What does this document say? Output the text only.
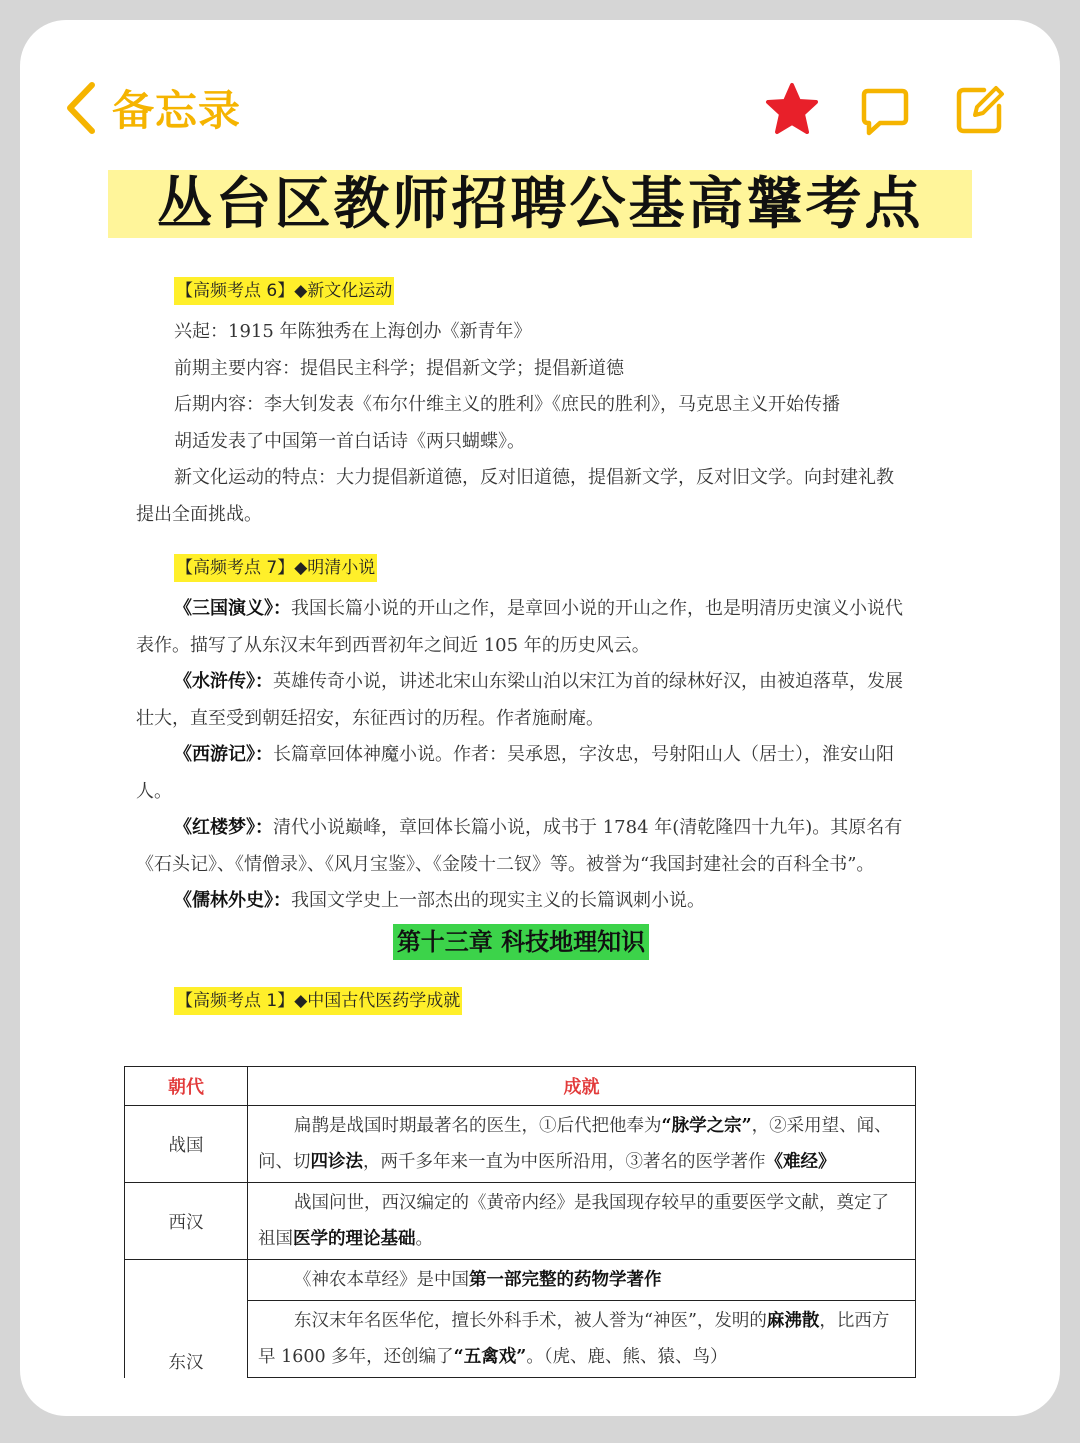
备忘录
丛台区教师招聘公基高鞶考点
【高频考点 6】◆新文化运动

兴起：1915 年陈独秀在上海创办《新青年》

前期主要内容：提倡民主科学；提倡新文学；提倡新道德

后期内容：李大钊发表《布尔什维主义的胜利》《庶民的胜利》，马克思主义开始传播

胡适发表了中国第一首白话诗《两只蝴蝶》。

新文化运动的特点：大力提倡新道德，反对旧道德，提倡新文学，反对旧文学。向封建礼教提出全面挑战。

【高频考点 7】◆明清小说

《三国演义》：我国长篇小说的开山之作，是章回小说的开山之作，也是明清历史演义小说代表作。描写了从东汉末年到西晋初年之间近 105 年的历史风云。

《水浒传》：英雄传奇小说，讲述北宋山东梁山泊以宋江为首的绿林好汉，由被迫落草，发展壮大，直至受到朝廷招安，东征西讨的历程。作者施耐庵。

《西游记》：长篇章回体神魔小说。作者：吴承恩，字汝忠，号射阳山人（居士），淮安山阳人。

《红楼梦》：清代小说巅峰，章回体长篇小说，成书于 1784 年(清乾隆四十九年)。其原名有《石头记》、《情僧录》、《风月宝鉴》、《金陵十二钗》等。被誉为“我国封建社会的百科全书”。

《儒林外史》：我国文学史上一部杰出的现实主义的长篇讽刺小说。

第十三章 科技地理知识
【高频考点 1】◆中国古代医药学成就
朝代	成就
战国	扁鹊是战国时期最著名的医生，①后代把他奉为“脉学之宗”，②采用望、闻、问、切四诊法，两千多年来一直为中医所沿用，③著名的医学著作《难经》
西汉	战国问世，西汉编定的《黄帝内经》是我国现存较早的重要医学文献，奠定了祖国医学的理论基础。
东汉	《神农本草经》是中国第一部完整的药物学著作
	东汉末年名医华佗，擅长外科手术，被人誉为“神医”，发明的麻沸散，比西方早 1600 多年，还创编了“五禽戏”。（虎、鹿、熊、猿、鸟）
